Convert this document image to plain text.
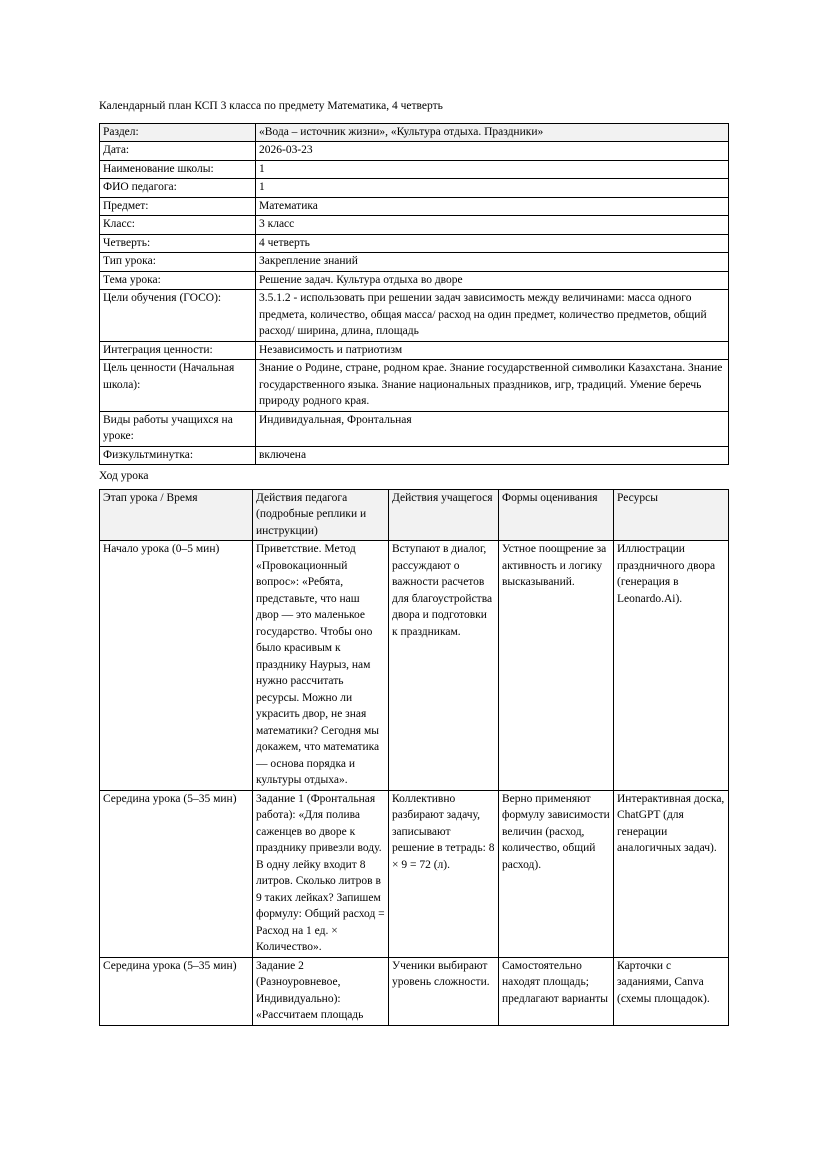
Календарный план КСП 3 класса по предмету Математика, 4 четверть

Раздел:	«Вода – источник жизни», «Культура отдыха. Праздники»
Дата:	2026-03-23
Наименование школы:	1
ФИО педагога:	1
Предмет:	Математика
Класс:	3 класс
Четверть:	4 четверть
Тип урока:	Закрепление знаний
Тема урока:	Решение задач. Культура отдыха во дворе
Цели обучения (ГОСО):	3.5.1.2 - использовать при решении задач зависимость между величинами: масса одного предмета, количество, общая масса/ расход на один предмет, количество предметов, общий расход/ ширина, длина, площадь
Интеграция ценности:	Независимость и патриотизм
Цель ценности (Начальная школа):	Знание о Родине, стране, родном крае. Знание государственной символики Казахстана. Знание государственного языка. Знание национальных праздников, игр, традиций. Умение беречь природу родного края.
Виды работы учащихся на уроке:	Индивидуальная, Фронтальная
Физкультминутка:	включена

Ход урока

Этап урока / Время	Действия педагога (подробные реплики и инструкции)	Действия учащегося	Формы оценивания	Ресурсы
Начало урока (0–5 мин)	Приветствие. Метод «Провокационный вопрос»: «Ребята, представьте, что наш двор — это маленькое государство. Чтобы оно было красивым к празднику Наурыз, нам нужно рассчитать ресурсы. Можно ли украсить двор, не зная математики? Сегодня мы докажем, что математика — основа порядка и культуры отдыха».	Вступают в диалог, рассуждают о важности расчетов для благоустройства двора и подготовки к праздникам.	Устное поощрение за активность и логику высказываний.	Иллюстрации праздничного двора (генерация в Leonardo.Ai).
Середина урока (5–35 мин)	Задание 1 (Фронтальная работа): «Для полива саженцев во дворе к празднику привезли воду. В одну лейку входит 8 литров. Сколько литров в 9 таких лейках? Запишем формулу: Общий расход = Расход на 1 ед. × Количество».	Коллективно разбирают задачу, записывают решение в тетрадь: 8 × 9 = 72 (л).	Верно применяют формулу зависимости величин (расход, количество, общий расход).	Интерактивная доска, ChatGPT (для генерации аналогичных задач).
Середина урока (5–35 мин)	Задание 2 (Разноуровневое, Индивидуально): «Рассчитаем площадь	Ученики выбирают уровень сложности.	Самостоятельно находят площадь; предлагают варианты	Карточки с заданиями, Canva (схемы площадок).
